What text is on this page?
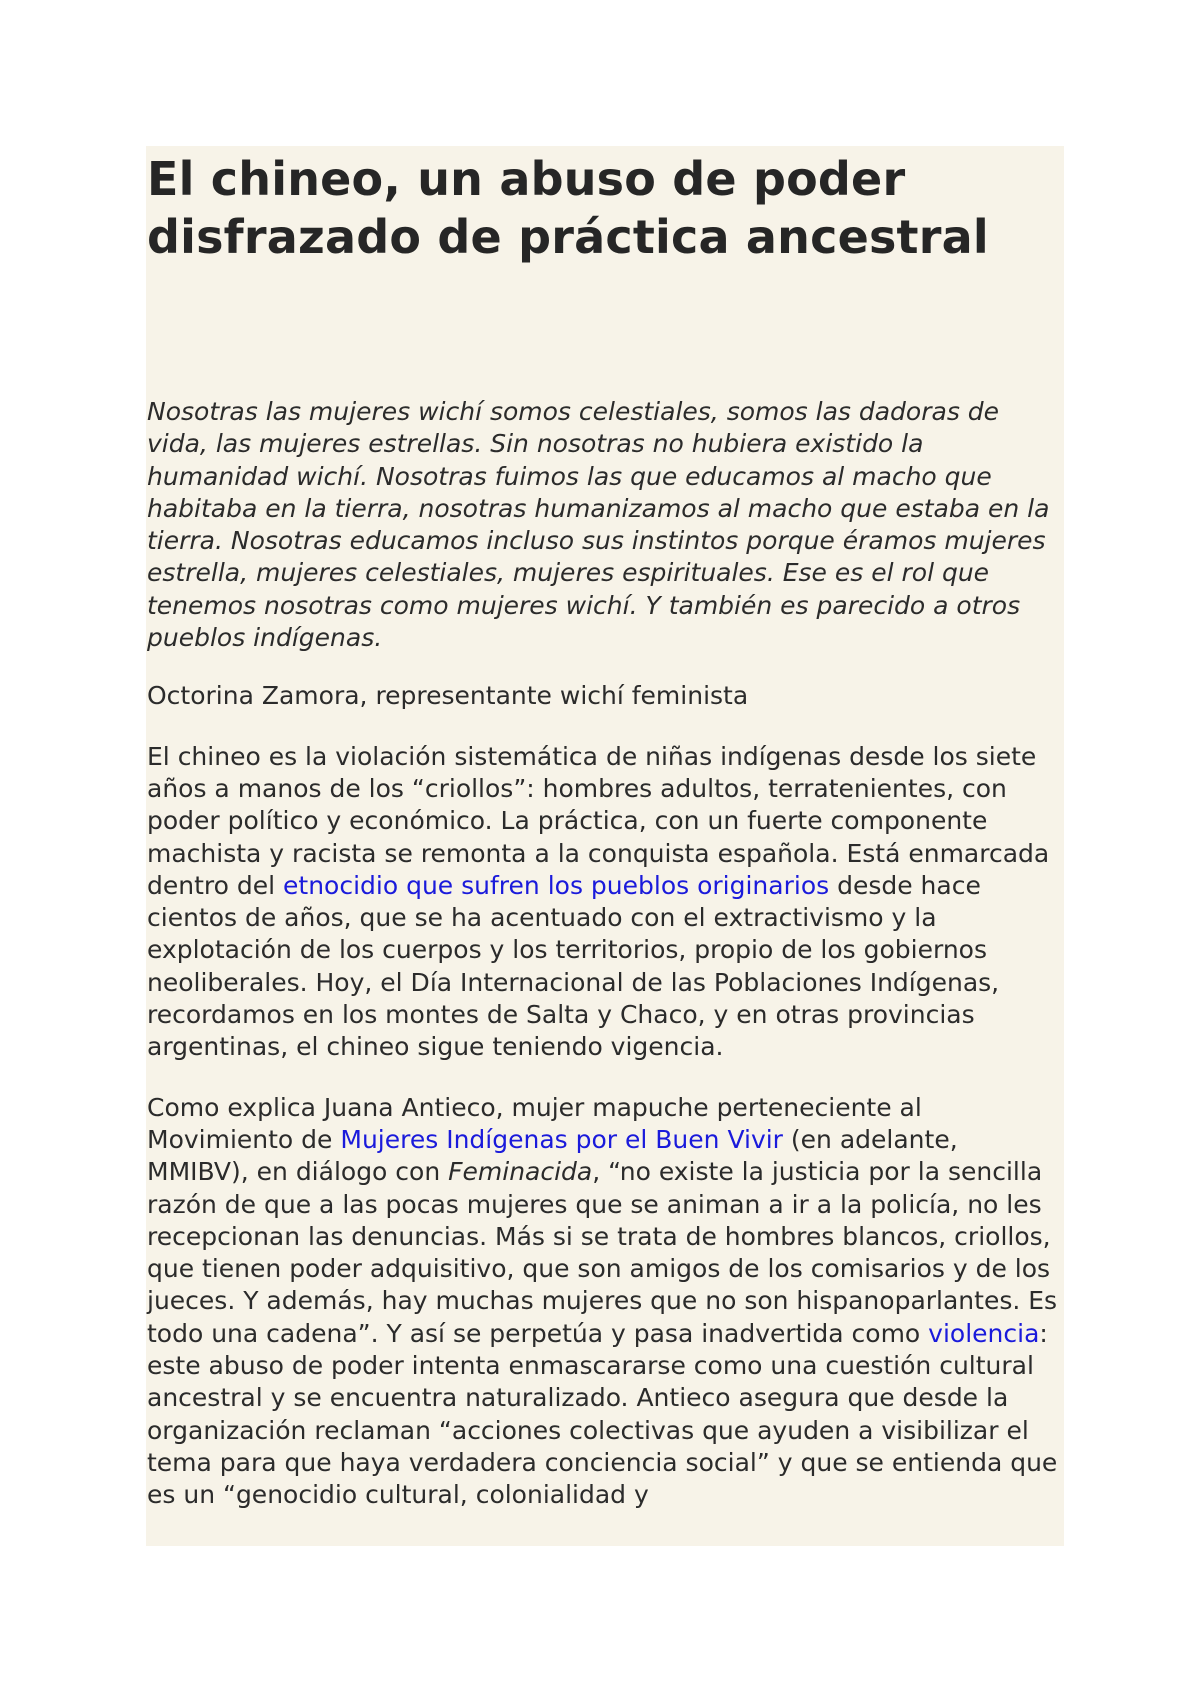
El chineo, un abuso de poder disfrazado de práctica ancestral

Nosotras las mujeres wichí somos celestiales, somos las dadoras de vida, las mujeres estrellas. Sin nosotras no hubiera existido la humanidad wichí. Nosotras fuimos las que educamos al macho que habitaba en la tierra, nosotras humanizamos al macho que estaba en la tierra. Nosotras educamos incluso sus instintos porque éramos mujeres estrella, mujeres celestiales, mujeres espirituales. Ese es el rol que tenemos nosotras como mujeres wichí. Y también es parecido a otros pueblos indígenas.

Octorina Zamora, representante wichí feminista

El chineo es la violación sistemática de niñas indígenas desde los siete años a manos de los “criollos”: hombres adultos, terratenientes, con poder político y económico. La práctica, con un fuerte componente machista y racista se remonta a la conquista española. Está enmarcada dentro del etnocidio que sufren los pueblos originarios desde hace cientos de años, que se ha acentuado con el extractivismo y la explotación de los cuerpos y los territorios, propio de los gobiernos neoliberales. Hoy, el Día Internacional de las Poblaciones Indígenas, recordamos en los montes de Salta y Chaco, y en otras provincias argentinas, el chineo sigue teniendo vigencia.

Como explica Juana Antieco, mujer mapuche perteneciente al Movimiento de Mujeres Indígenas por el Buen Vivir (en adelante, MMIBV), en diálogo con Feminacida, “no existe la justicia por la sencilla razón de que a las pocas mujeres que se animan a ir a la policía, no les recepcionan las denuncias. Más si se trata de hombres blancos, criollos, que tienen poder adquisitivo, que son amigos de los comisarios y de los jueces. Y además, hay muchas mujeres que no son hispanoparlantes. Es todo una cadena”. Y así se perpetúa y pasa inadvertida como violencia: este abuso de poder intenta enmascararse como una cuestión cultural ancestral y se encuentra naturalizado. Antieco asegura que desde la organización reclaman “acciones colectivas que ayuden a visibilizar el tema para que haya verdadera conciencia social” y que se entienda que es un “genocidio cultural, colonialidad y
